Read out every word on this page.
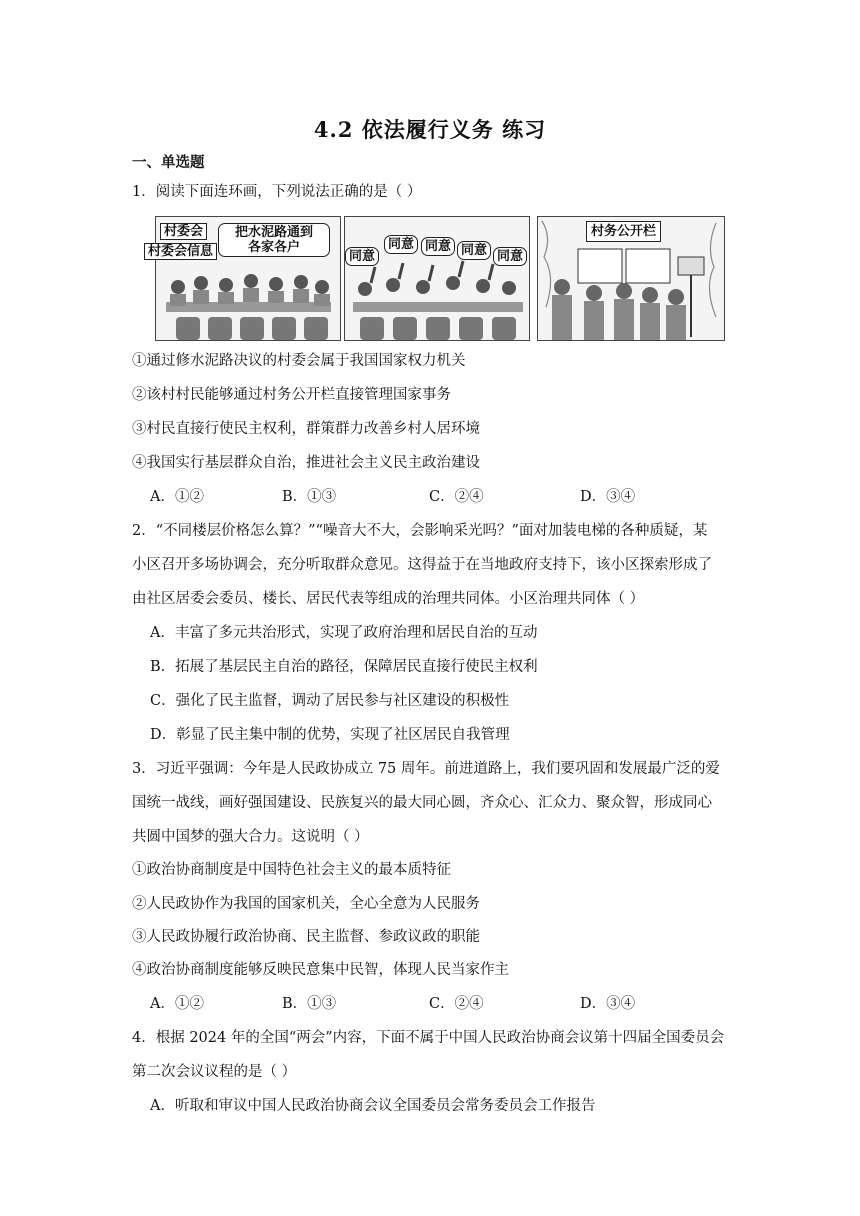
4.2 依法履行义务 练习
一、单选题
1．阅读下面连环画，下列说法正确的是（ ）
村委会
村委会信息
把水泥路通到
各家各户
同意
同意 同意 同意 同意
村务公开栏
①通过修水泥路决议的村委会属于我国国家权力机关
②该村村民能够通过村务公开栏直接管理国家事务
③村民直接行使民主权利，群策群力改善乡村人居环境
④我国实行基层群众自治，推进社会主义民主政治建设
A．①②	B．①③	C．②④	D．③④
2．“不同楼层价格怎么算？”“噪音大不大，会影响采光吗？”面对加装电梯的各种质疑，某
小区召开多场协调会，充分听取群众意见。这得益于在当地政府支持下，该小区探索形成了
由社区居委会委员、楼长、居民代表等组成的治理共同体。小区治理共同体（ ）
A．丰富了多元共治形式，实现了政府治理和居民自治的互动
B．拓展了基层民主自治的路径，保障居民直接行使民主权利
C．强化了民主监督，调动了居民参与社区建设的积极性
D．彰显了民主集中制的优势，实现了社区居民自我管理
3．习近平强调：今年是人民政协成立 75 周年。前进道路上，我们要巩固和发展最广泛的爱
国统一战线，画好强国建设、民族复兴的最大同心圆，齐众心、汇众力、聚众智，形成同心
共圆中国梦的强大合力。这说明（ ）
①政治协商制度是中国特色社会主义的最本质特征
②人民政协作为我国的国家机关，全心全意为人民服务
③人民政协履行政治协商、民主监督、参政议政的职能
④政治协商制度能够反映民意集中民智，体现人民当家作主
A．①②	B．①③	C．②④	D．③④
4．根据 2024 年的全国“两会”内容，下面不属于中国人民政治协商会议第十四届全国委员会
第二次会议议程的是（ ）
A．听取和审议中国人民政治协商会议全国委员会常务委员会工作报告
